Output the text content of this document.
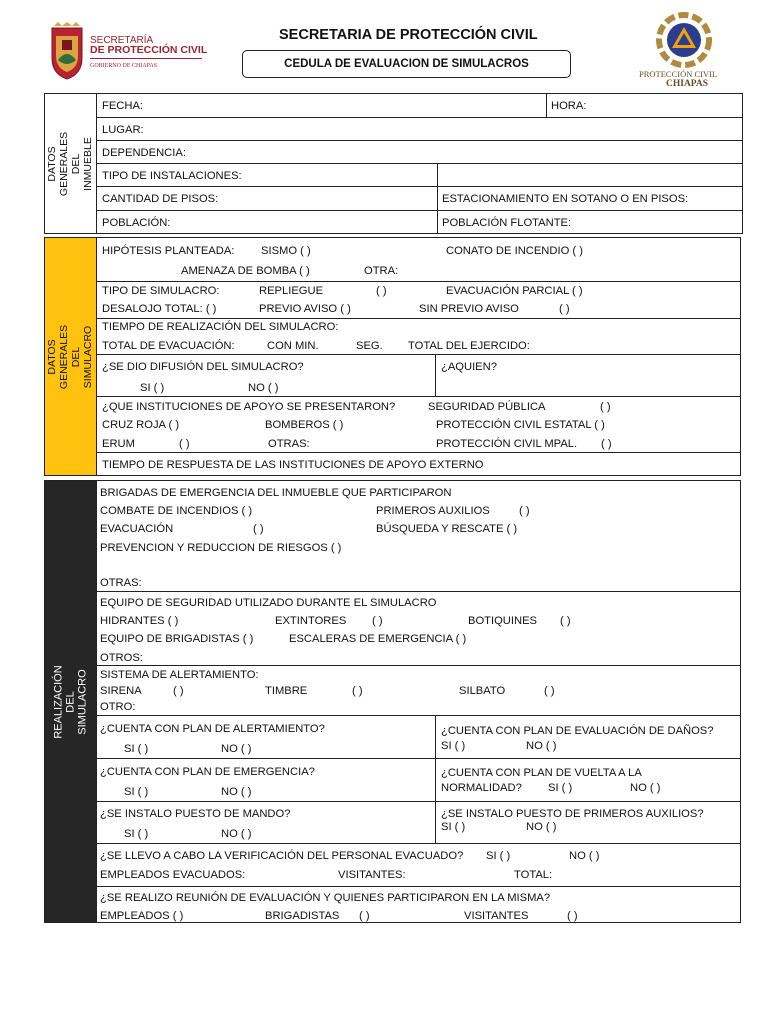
SECRETARÍA
DE PROTECCIÓN CIVIL
GOBIERNO DE CHIAPAS
SECRETARIA DE PROTECCIÓN CIVIL
CEDULA DE EVALUACION DE SIMULACROS
PROTECCIÓN CIVIL
CHIAPAS
DATOS GENERALES DEL INMUEBLE
FECHA:	HORA:
LUGAR:
DEPENDENCIA:
TIPO DE INSTALACIONES:
CANTIDAD DE PISOS:	ESTACIONAMIENTO EN SOTANO O EN PISOS:
POBLACIÓN:	POBLACIÓN FLOTANTE:
DATOS GENERALES DEL SIMULACRO
HIPÓTESIS PLANTEADA: SISMO ( )	CONATO DE INCENDIO ( )
AMENAZA DE BOMBA ( )	OTRA:
TIPO DE SIMULACRO:	REPLIEGUE	( )	EVACUACIÓN PARCIAL ( )
DESALOJO TOTAL: ( )	PREVIO AVISO ( )	SIN PREVIO AVISO	( )
TIEMPO DE REALIZACIÓN DEL SIMULACRO:
TOTAL DE EVACUACIÓN:	CON MIN.	SEG. TOTAL DEL EJERCIDO:
¿SE DIO DIFUSIÓN DEL SIMULACRO?
SI ( )	NO ( )
¿AQUIEN?
¿QUE INSTITUCIONES DE APOYO SE PRESENTARON?	SEGURIDAD PÚBLICA	( )
CRUZ ROJA ( )	BOMBEROS ( )	PROTECCIÓN CIVIL ESTATAL ( )
ERUM	( )	OTRAS:	PROTECCIÓN CIVIL MPAL. ( )
TIEMPO DE RESPUESTA DE LAS INSTITUCIONES DE APOYO EXTERNO
REALIZACIÓN DEL SIMULACRO
BRIGADAS DE EMERGENCIA DEL INMUEBLE QUE PARTICIPARON
COMBATE DE INCENDIOS ( )	PRIMEROS AUXILIOS	( )
EVACUACIÓN	( )	BÚSQUEDA Y RESCATE ( )
PREVENCION Y REDUCCION DE RIESGOS ( )
OTRAS:
EQUIPO DE SEGURIDAD UTILIZADO DURANTE EL SIMULACRO
HIDRANTES ( )	EXTINTORES ( )	BOTIQUINES ( )
EQUIPO DE BRIGADISTAS ( )	ESCALERAS DE EMERGENCIA ( )
OTROS:
SISTEMA DE ALERTAMIENTO:
SIRENA	( )	TIMBRE	( )	SILBATO	( )
OTRO:
¿CUENTA CON PLAN DE ALERTAMIENTO?
SI ( )	NO ( )
¿CUENTA CON PLAN DE EVALUACIÓN DE DAÑOS?
SI ( )	NO ( )
¿CUENTA CON PLAN DE EMERGENCIA?
SI ( )	NO ( )
¿CUENTA CON PLAN DE VUELTA A LA
NORMALIDAD? SI ( )	NO ( )
¿SE INSTALO PUESTO DE MANDO?
SI ( )	NO ( )
¿SE INSTALO PUESTO DE PRIMEROS AUXILIOS?
SI ( )	NO ( )
¿SE LLEVO A CABO LA VERIFICACIÓN DEL PERSONAL EVACUADO? SI ( )	NO ( )
EMPLEADOS EVACUADOS:	VISITANTES:	TOTAL:
¿SE REALIZO REUNIÓN DE EVALUACIÓN Y QUIENES PARTICIPARON EN LA MISMA?
EMPLEADOS ( )	BRIGADISTAS ( )	VISITANTES	( )
